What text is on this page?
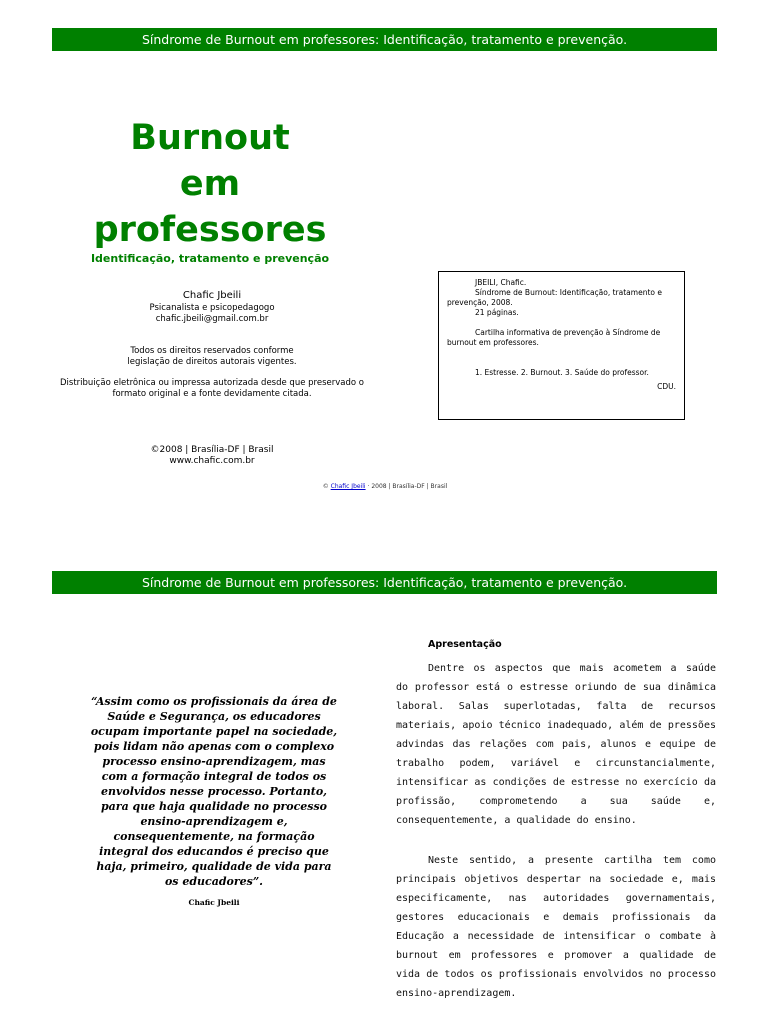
Síndrome de Burnout em professores: Identificação, tratamento e prevenção.
Burnout
em
professores
Identificação, tratamento e prevenção
Chafic Jbeili
Psicanalista e psicopedagogo
chafic.jbeili@gmail.com.br
Todos os direitos reservados conforme
legislação de direitos autorais vigentes.
Distribuição eletrônica ou impressa autorizada desde que preservado o
formato original e a fonte devidamente citada.
©2008 | Brasília-DF | Brasil
www.chafic.com.br
JBEILI, Chafic.
Síndrome de Burnout: Identificação, tratamento e
prevenção, 2008.
21 páginas.
Cartilha informativa de prevenção à Síndrome de
burnout em professores.
1. Estresse. 2. Burnout. 3. Saúde do professor.
CDU.
© Chafic Jbeili · 2008 | Brasília-DF | Brasil
Síndrome de Burnout em professores: Identificação, tratamento e prevenção.
“Assim como os profissionais da área de Saúde e Segurança, os educadores ocupam importante papel na sociedade, pois lidam não apenas com o complexo processo ensino-aprendizagem, mas com a formação integral de todos os envolvidos nesse processo. Portanto, para que haja qualidade no processo ensino-aprendizagem e, consequentemente, na formação integral dos educandos é preciso que haja, primeiro, qualidade de vida para os educadores”.
Chafic Jbeili
Apresentação
Dentre os aspectos que mais acometem a saúde
do professor está o estresse oriundo de sua dinâmica
laboral. Salas superlotadas, falta de recursos
materiais, apoio técnico inadequado, além de pressões
advindas das relações com pais, alunos e equipe de
trabalho podem, variável e circunstancialmente,
intensificar as condições de estresse no exercício da
profissão, comprometendo a sua saúde e,
consequentemente, a qualidade do ensino.
Neste sentido, a presente cartilha tem como
principais objetivos despertar na sociedade e, mais
especificamente, nas autoridades governamentais,
gestores educacionais e demais profissionais da
Educação a necessidade de intensificar o combate à
burnout em professores e promover a qualidade de
vida de todos os profissionais envolvidos no processo
ensino-aprendizagem.
